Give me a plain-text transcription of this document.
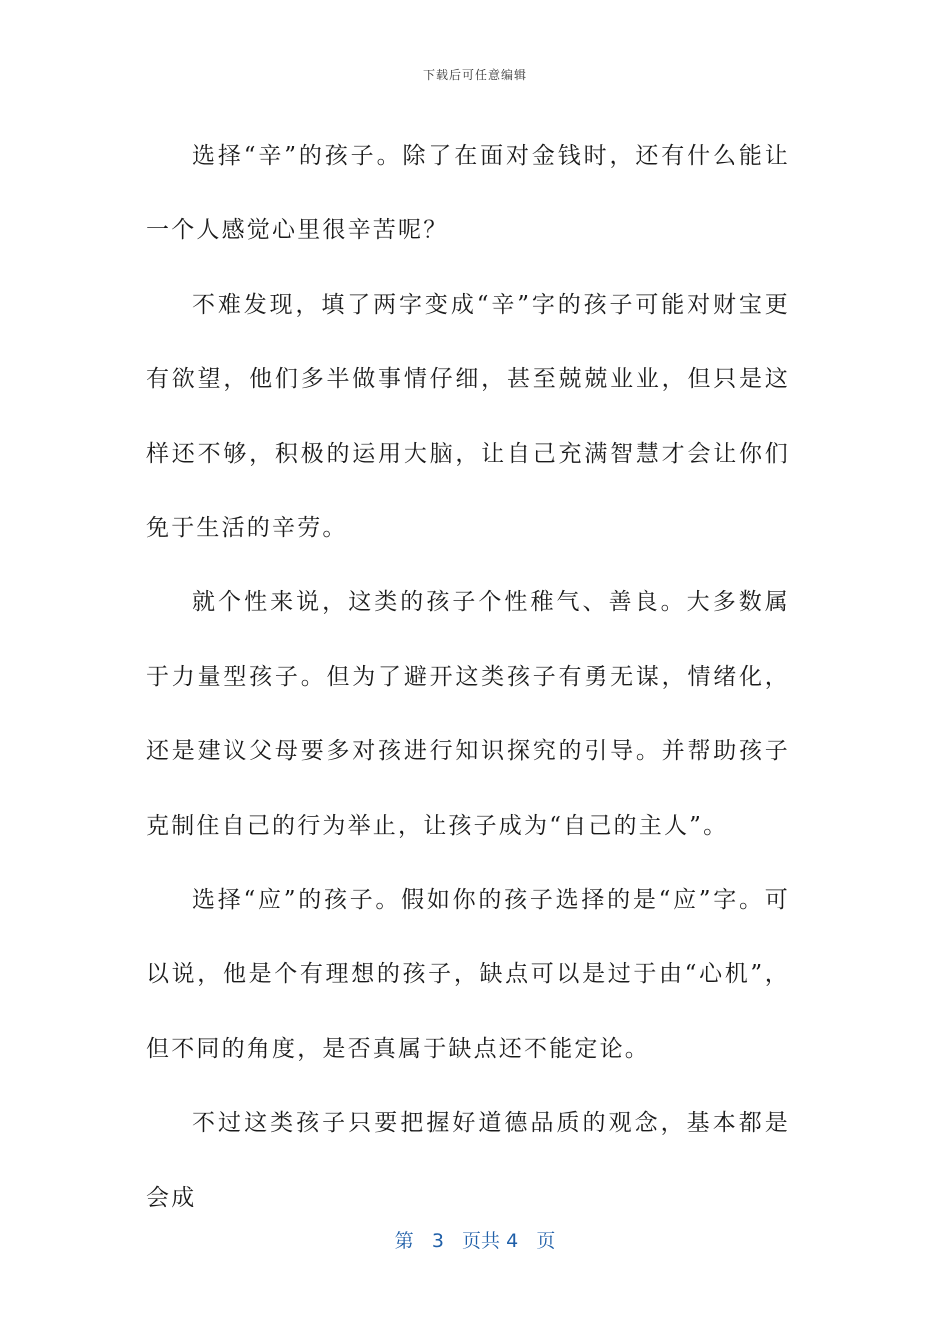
下载后可任意编辑

选择“辛”的孩子。除了在面对金钱时，还有什么能让一个人感觉心里很辛苦呢？

不难发现，填了两字变成“辛”字的孩子可能对财宝更有欲望，他们多半做事情仔细，甚至兢兢业业，但只是这样还不够，积极的运用大脑，让自己充满智慧才会让你们免于生活的辛劳。

就个性来说，这类的孩子个性稚气、善良。大多数属于力量型孩子。但为了避开这类孩子有勇无谋，情绪化，还是建议父母要多对孩进行知识探究的引导。并帮助孩子克制住自己的行为举止，让孩子成为“自己的主人”。

选择“应”的孩子。假如你的孩子选择的是“应”字。可以说，他是个有理想的孩子，缺点可以是过于由“心机”，但不同的角度，是否真属于缺点还不能定论。

不过这类孩子只要把握好道德品质的观念，基本都是会成

第 3 页共 4 页
